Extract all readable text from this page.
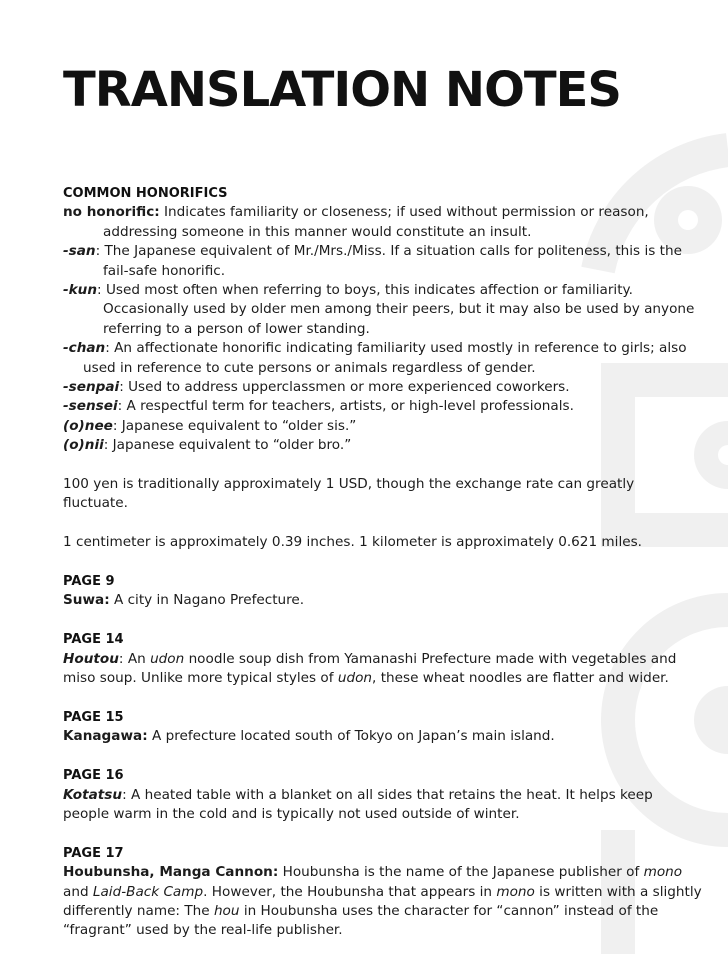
TRANSLATION NOTES

COMMON HONORIFICS

no honorific: Indicates familiarity or closeness; if used without permission or reason, addressing someone in this manner would constitute an insult.

-san: The Japanese equivalent of Mr./Mrs./Miss. If a situation calls for politeness, this is the fail-safe honorific.

-kun: Used most often when referring to boys, this indicates affection or familiarity. Occasionally used by older men among their peers, but it may also be used by anyone referring to a person of lower standing.

-chan: An affectionate honorific indicating familiarity used mostly in reference to girls; also used in reference to cute persons or animals regardless of gender.

-senpai: Used to address upperclassmen or more experienced coworkers.

-sensei: A respectful term for teachers, artists, or high-level professionals.

(o)nee: Japanese equivalent to “older sis.”

(o)nii: Japanese equivalent to “older bro.”

100 yen is traditionally approximately 1 USD, though the exchange rate can greatly fluctuate.

1 centimeter is approximately 0.39 inches. 1 kilometer is approximately 0.621 miles.

PAGE 9

Suwa: A city in Nagano Prefecture.

PAGE 14

Houtou: An udon noodle soup dish from Yamanashi Prefecture made with vegetables and miso soup. Unlike more typical styles of udon, these wheat noodles are flatter and wider.

PAGE 15

Kanagawa: A prefecture located south of Tokyo on Japan’s main island.

PAGE 16

Kotatsu: A heated table with a blanket on all sides that retains the heat. It helps keep people warm in the cold and is typically not used outside of winter.

PAGE 17

Houbunsha, Manga Cannon: Houbunsha is the name of the Japanese publisher of mono and Laid-Back Camp. However, the Houbunsha that appears in mono is written with a slightly differently name: The hou in Houbunsha uses the character for “cannon” instead of the “fragrant” used by the real-life publisher.
